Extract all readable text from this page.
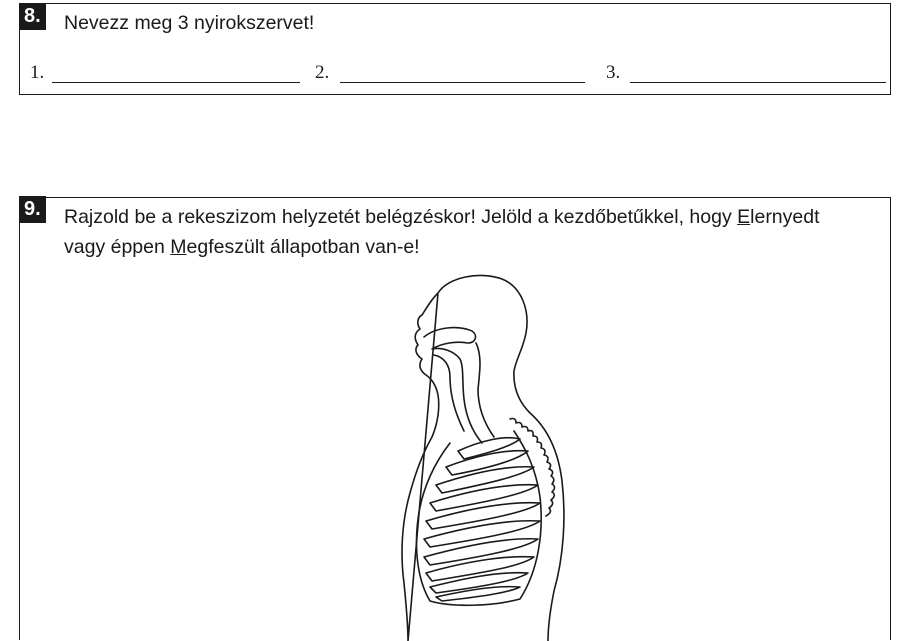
8. Nevezz meg 3 nyirokszervet!

1.	2.	3.
9. Rajzold be a rekeszizom helyzetét belégzéskor! Jelöld a kezdőbetűkkel, hogy Elernyedt vagy éppen Megfeszült állapotban van-e!
